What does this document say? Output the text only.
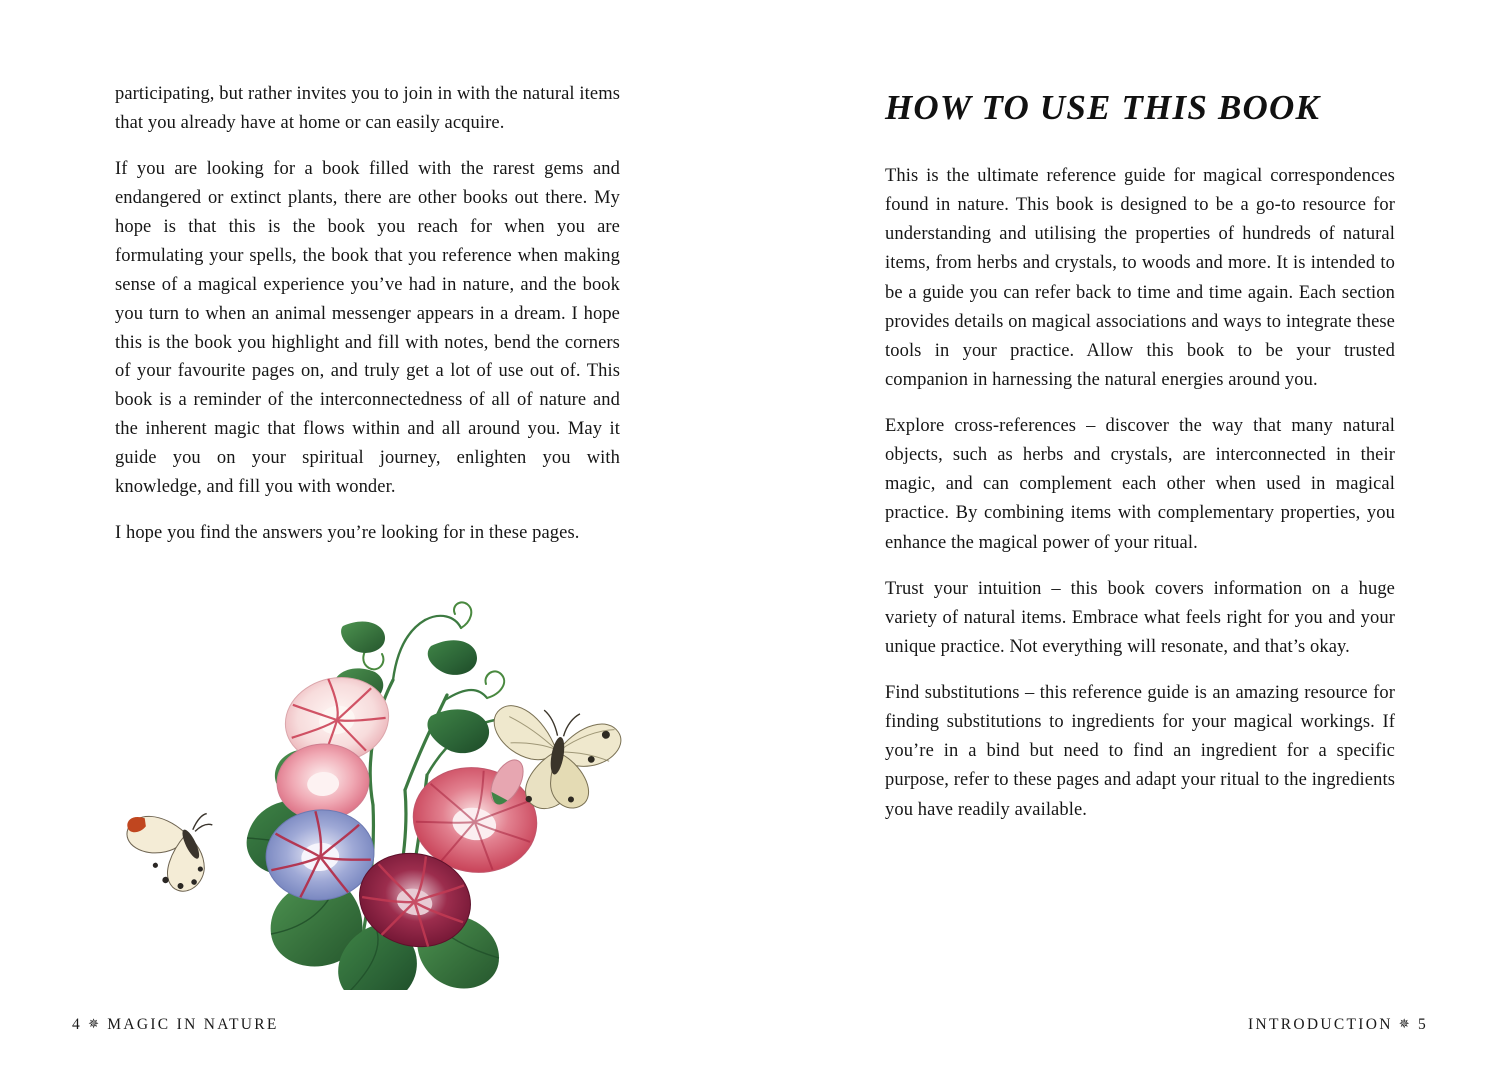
participating, but rather invites you to join in with the natural items that you already have at home or can easily acquire.

If you are looking for a book filled with the rarest gems and endangered or extinct plants, there are other books out there. My hope is that this is the book you reach for when you are formulating your spells, the book that you reference when making sense of a magical experience you’ve had in nature, and the book you turn to when an animal messenger appears in a dream. I hope this is the book you highlight and fill with notes, bend the corners of your favourite pages on, and truly get a lot of use out of. This book is a reminder of the interconnectedness of all of nature and the inherent magic that flows within and all around you. May it guide you on your spiritual journey, enlighten you with knowledge, and fill you with wonder.

I hope you find the answers you’re looking for in these pages.

4 ✵ MAGIC IN NATURE
HOW TO USE THIS BOOK

This is the ultimate reference guide for magical correspondences found in nature. This book is designed to be a go-to resource for understanding and utilising the properties of hundreds of natural items, from herbs and crystals, to woods and more. It is intended to be a guide you can refer back to time and time again. Each section provides details on magical associations and ways to integrate these tools in your practice. Allow this book to be your trusted companion in harnessing the natural energies around you.

Explore cross-references – discover the way that many natural objects, such as herbs and crystals, are interconnected in their magic, and can complement each other when used in magical practice. By combining items with complementary properties, you enhance the magical power of your ritual.

Trust your intuition – this book covers information on a huge variety of natural items. Embrace what feels right for you and your unique practice. Not everything will resonate, and that’s okay.

Find substitutions – this reference guide is an amazing resource for finding substitutions to ingredients for your magical workings. If you’re in a bind but need to find an ingredient for a specific purpose, refer to these pages and adapt your ritual to the ingredients you have readily available.

INTRODUCTION ✵ 5
